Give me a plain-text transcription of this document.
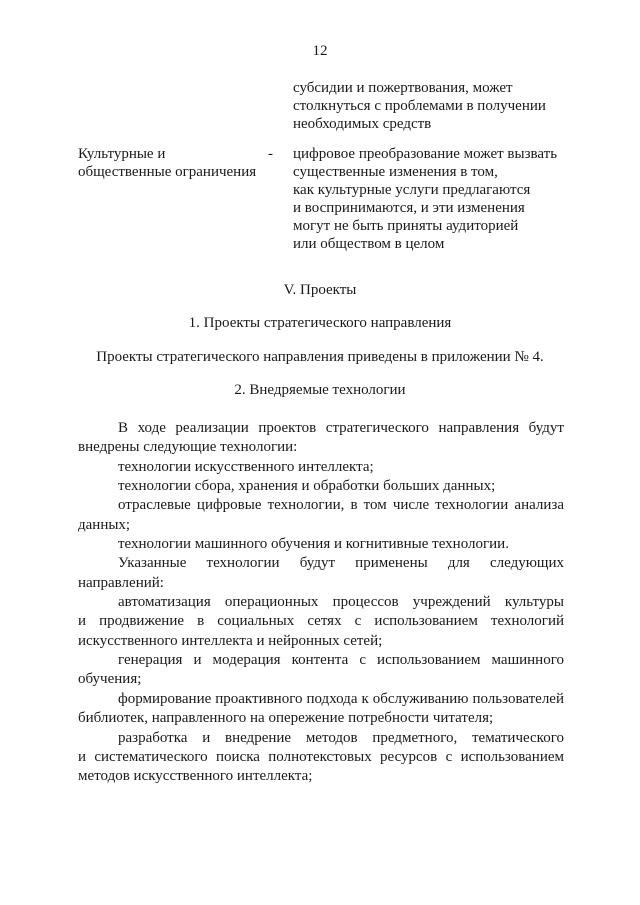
12
субсидии и пожертвования, может
столкнуться с проблемами в получении
необходимых средств
Культурные и
общественные ограничения
- цифровое преобразование может вызвать
существенные изменения в том,
как культурные услуги предлагаются
и воспринимаются, и эти изменения
могут не быть приняты аудиторией
или обществом в целом
V. Проекты
1. Проекты стратегического направления
Проекты стратегического направления приведены в приложении № 4.
2. Внедряемые технологии
В ходе реализации проектов стратегического направления будут
внедрены следующие технологии:
технологии искусственного интеллекта;
технологии сбора, хранения и обработки больших данных;
отраслевые цифровые технологии, в том числе технологии анализа
данных;
технологии машинного обучения и когнитивные технологии.
Указанные технологии будут применены для следующих
направлений:
автоматизация операционных процессов учреждений культуры
и продвижение в социальных сетях с использованием технологий
искусственного интеллекта и нейронных сетей;
генерация и модерация контента с использованием машинного
обучения;
формирование проактивного подхода к обслуживанию пользователей
библиотек, направленного на опережение потребности читателя;
разработка и внедрение методов предметного, тематического
и систематического поиска полнотекстовых ресурсов с использованием
методов искусственного интеллекта;
